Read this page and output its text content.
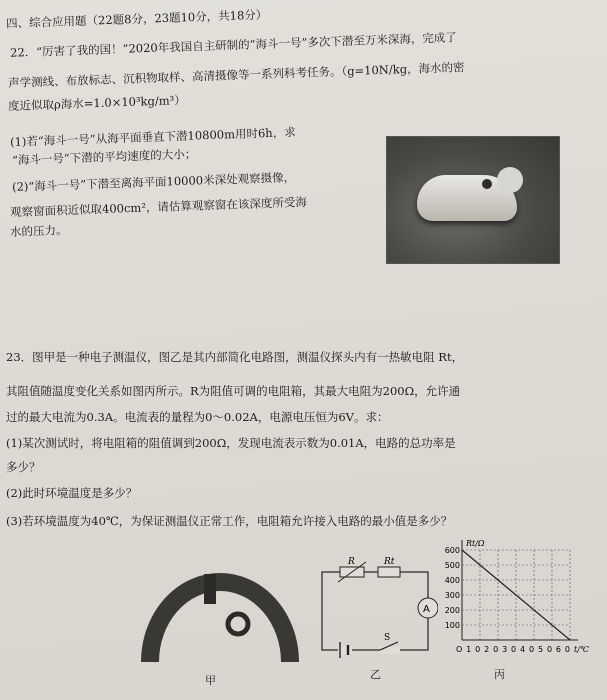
四、综合应用题（22题8分，23题10分，共18分）
22．“厉害了我的国！”2020年我国自主研制的“海斗一号”多次下潜至万米深海，完成了
声学测线、布放标志、沉积物取样、高清摄像等一系列科考任务。（g=10N/kg，海水的密
度近似取ρ海水=1.0×10³kg/m³）
(1)若“海斗一号”从海平面垂直下潜10800m用时6h，求
“海斗一号”下潜的平均速度的大小；
(2)“海斗一号”下潜至离海平面10000米深处观察摄像，
观察窗面积近似取400cm²，请估算观察窗在该深度所受海
水的压力。
23．图甲是一种电子测温仪，图乙是其内部简化电路图，测温仪探头内有一热敏电阻 Rt，
其阻值随温度变化关系如图丙所示。R为阻值可调的电阻箱，其最大电阻为200Ω，允许通
过的最大电流为0.3A。电流表的量程为0～0.02A，电源电压恒为6V。求：
(1)某次测试时，将电阻箱的阻值调到200Ω，发现电流表示数为0.01A，电路的总功率是
多少？
(2)此时环境温度是多少？
(3)若环境温度为40℃，为保证测温仪正常工作，电阻箱允许接入电路的最小值是多少？
甲
A
R	Rt
S
乙
100
200
300
400
500
600
O102030405060
Rt/Ω
t/℃
丙
